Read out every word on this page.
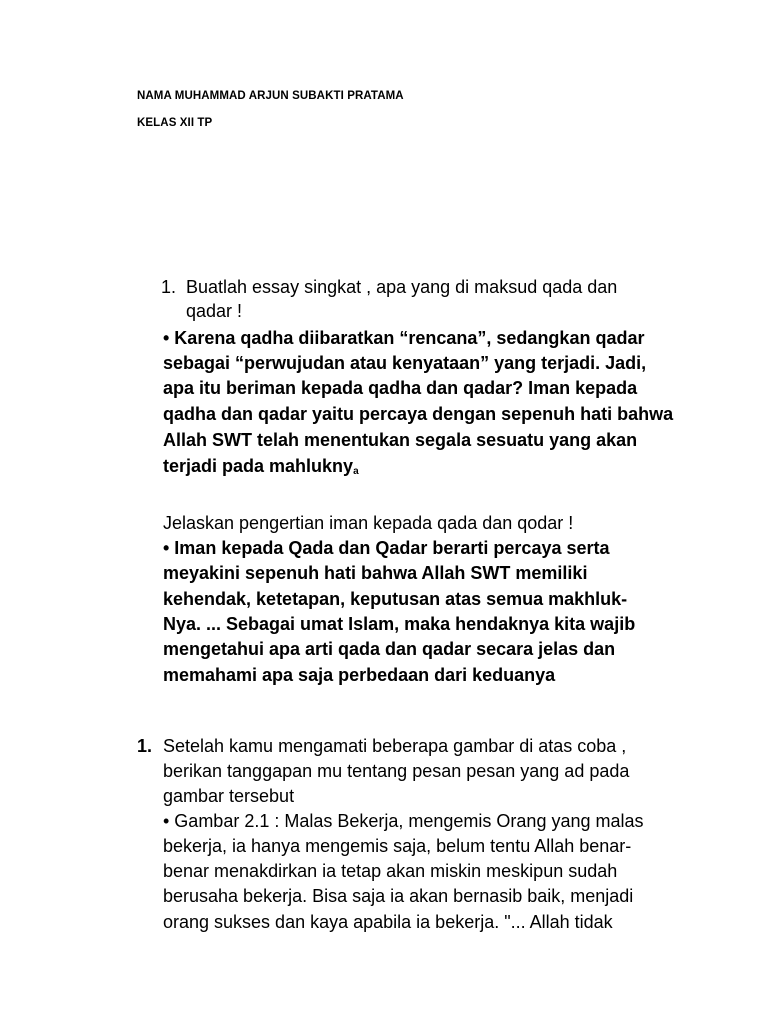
NAMA MUHAMMAD ARJUN SUBAKTI PRATAMA
KELAS XII TP
1. Buatlah essay singkat , apa yang di maksud qada dan
qadar !
• Karena qadha diibaratkan “rencana”, sedangkan qadar
sebagai “perwujudan atau kenyataan” yang terjadi. Jadi,
apa itu beriman kepada qadha dan qadar? Iman kepada
qadha dan qadar yaitu percaya dengan sepenuh hati bahwa
Allah SWT telah menentukan segala sesuatu yang akan
terjadi pada mahluknya
Jelaskan pengertian iman kepada qada dan qodar !
• Iman kepada Qada dan Qadar berarti percaya serta
meyakini sepenuh hati bahwa Allah SWT memiliki
kehendak, ketetapan, keputusan atas semua makhluk-
Nya. ... Sebagai umat Islam, maka hendaknya kita wajib
mengetahui apa arti qada dan qadar secara jelas dan
memahami apa saja perbedaan dari keduanya
1. Setelah kamu mengamati beberapa gambar di atas coba ,
berikan tanggapan mu tentang pesan pesan yang ad pada
gambar tersebut
• Gambar 2.1 : Malas Bekerja, mengemis Orang yang malas
bekerja, ia hanya mengemis saja, belum tentu Allah benar-
benar menakdirkan ia tetap akan miskin meskipun sudah
berusaha bekerja. Bisa saja ia akan bernasib baik, menjadi
orang sukses dan kaya apabila ia bekerja. "... Allah tidak
